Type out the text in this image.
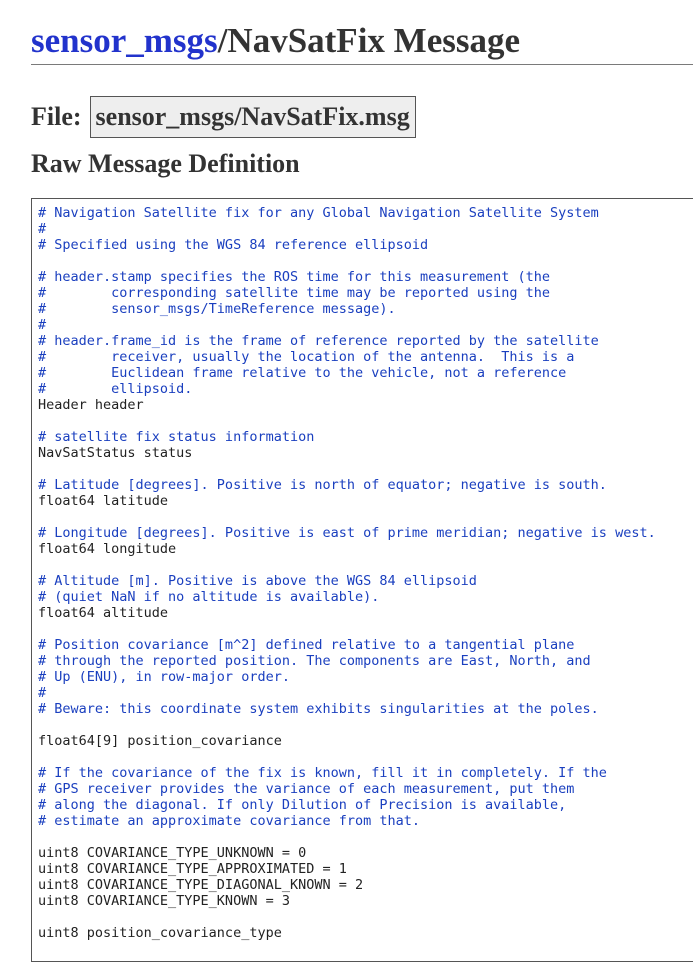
sensor_msgs/NavSatFix Message
File: sensor_msgs/NavSatFix.msg
Raw Message Definition
# Navigation Satellite fix for any Global Navigation Satellite System
#
# Specified using the WGS 84 reference ellipsoid
# header.stamp specifies the ROS time for this measurement (the
#        corresponding satellite time may be reported using the
#        sensor_msgs/TimeReference message).
#
# header.frame_id is the frame of reference reported by the satellite
#        receiver, usually the location of the antenna.  This is a
#        Euclidean frame relative to the vehicle, not a reference
#        ellipsoid.
Header header
# satellite fix status information
NavSatStatus status
# Latitude [degrees]. Positive is north of equator; negative is south.
float64 latitude
# Longitude [degrees]. Positive is east of prime meridian; negative is west.
float64 longitude
# Altitude [m]. Positive is above the WGS 84 ellipsoid
# (quiet NaN if no altitude is available).
float64 altitude
# Position covariance [m^2] defined relative to a tangential plane
# through the reported position. The components are East, North, and
# Up (ENU), in row-major order.
#
# Beware: this coordinate system exhibits singularities at the poles.
float64[9] position_covariance
# If the covariance of the fix is known, fill it in completely. If the
# GPS receiver provides the variance of each measurement, put them
# along the diagonal. If only Dilution of Precision is available,
# estimate an approximate covariance from that.
uint8 COVARIANCE_TYPE_UNKNOWN = 0
uint8 COVARIANCE_TYPE_APPROXIMATED = 1
uint8 COVARIANCE_TYPE_DIAGONAL_KNOWN = 2
uint8 COVARIANCE_TYPE_KNOWN = 3
uint8 position_covariance_type
